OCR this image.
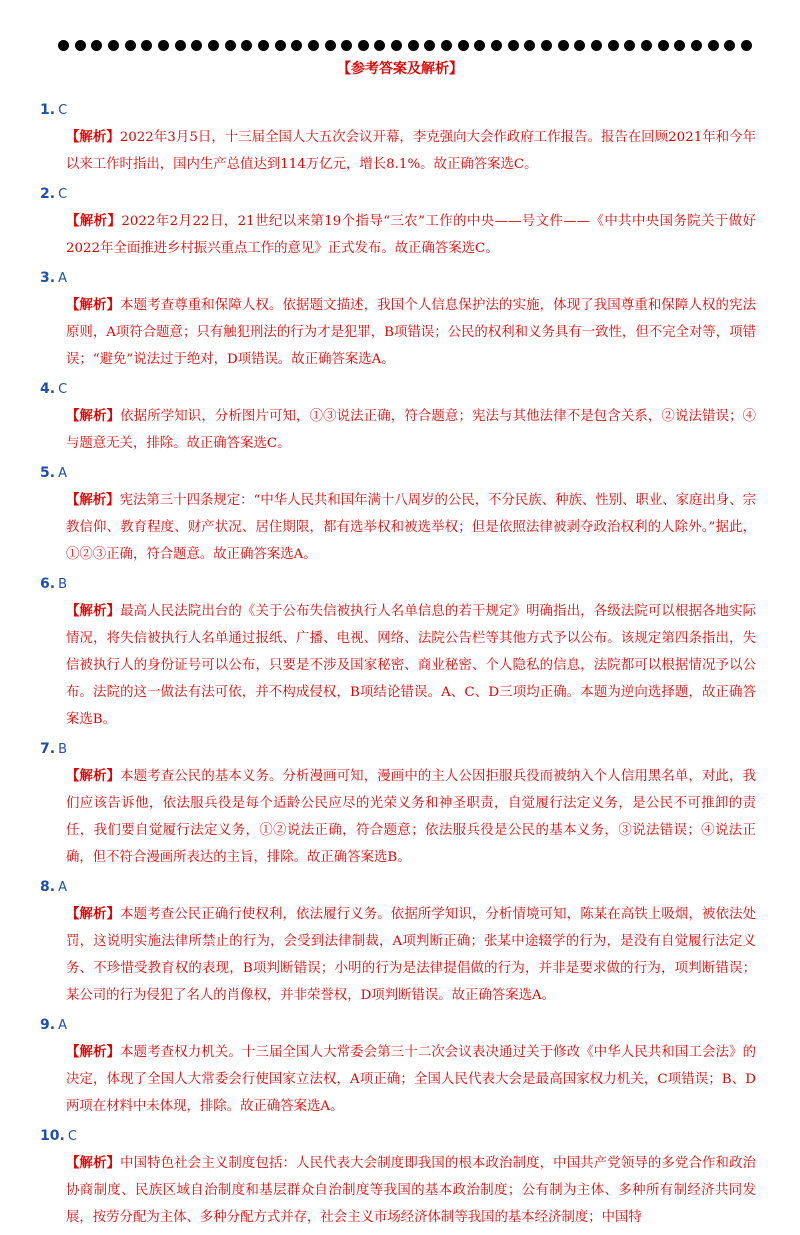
【参考答案及解析】
1. C
【解析】2022年3月5日，十三届全国人大五次会议开幕，李克强向大会作政府工作报告。报告在回顾2021年和今年以来工作时指出，国内生产总值达到114万亿元，增长8.1%。故正确答案选C。
2. C
【解析】2022年2月22日，21世纪以来第19个指导“三农”工作的中央——号文件——《中共中央国务院关于做好2022年全面推进乡村振兴重点工作的意见》正式发布。故正确答案选C。
3. A
【解析】本题考查尊重和保障人权。依据题文描述，我国个人信息保护法的实施，体现了我国尊重和保障人权的宪法原则，A项符合题意；只有触犯刑法的行为才是犯罪，B项错误；公民的权利和义务具有一致性，但不完全对等，项错误；“避免”说法过于绝对，D项错误。故正确答案选A。
4. C
【解析】依据所学知识，分析图片可知，①③说法正确，符合题意；宪法与其他法律不是包含关系，②说法错误；④与题意无关，排除。故正确答案选C。
5. A
【解析】宪法第三十四条规定：“中华人民共和国年满十八周岁的公民，不分民族、种族、性别、职业、家庭出身、宗教信仰、教育程度、财产状况、居住期限，都有选举权和被选举权；但是依照法律被剥夺政治权利的人除外。”据此，①②③正确，符合题意。故正确答案选A。
6. B
【解析】最高人民法院出台的《关于公布失信被执行人名单信息的若干规定》明确指出，各级法院可以根据各地实际情况，将失信被执行人名单通过报纸、广播、电视、网络、法院公告栏等其他方式予以公布。该规定第四条指出，失信被执行人的身份证号可以公布，只要是不涉及国家秘密、商业秘密、个人隐私的信息，法院都可以根据情况予以公布。法院的这一做法有法可依，并不构成侵权，B项结论错误。A、C、D三项均正确。本题为逆向选择题，故正确答案选B。
7. B
【解析】本题考查公民的基本义务。分析漫画可知，漫画中的主人公因拒服兵役而被纳入个人信用黑名单，对此，我们应该告诉他，依法服兵役是每个适龄公民应尽的光荣义务和神圣职责，自觉履行法定义务，是公民不可推卸的责任，我们要自觉履行法定义务，①②说法正确，符合题意；依法服兵役是公民的基本义务，③说法错误；④说法正确，但不符合漫画所表达的主旨，排除。故正确答案选B。
8. A
【解析】本题考查公民正确行使权利，依法履行义务。依据所学知识，分析情境可知，陈某在高铁上吸烟，被依法处罚，这说明实施法律所禁止的行为，会受到法律制裁，A项判断正确；张某中途辍学的行为，是没有自觉履行法定义务、不珍惜受教育权的表现，B项判断错误；小明的行为是法律提倡做的行为，并非是要求做的行为，项判断错误；某公司的行为侵犯了名人的肖像权，并非荣誉权，D项判断错误。故正确答案选A。
9. A
【解析】本题考查权力机关。十三届全国人大常委会第三十二次会议表决通过关于修改《中华人民共和国工会法》的决定，体现了全国人大常委会行使国家立法权，A项正确；全国人民代表大会是最高国家权力机关，C项错误；B、D两项在材料中未体现，排除。故正确答案选A。
10. C
【解析】中国特色社会主义制度包括：人民代表大会制度即我国的根本政治制度，中国共产党领导的多党合作和政治协商制度、民族区域自治制度和基层群众自治制度等我国的基本政治制度；公有制为主体、多种所有制经济共同发展，按劳分配为主体、多种分配方式并存，社会主义市场经济体制等我国的基本经济制度；中国特
